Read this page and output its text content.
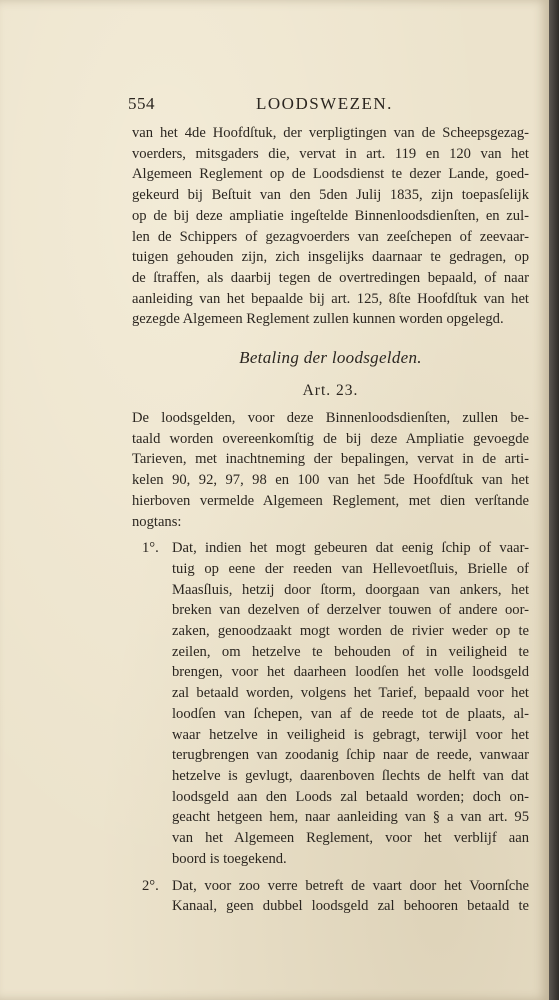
554	LOODSWEZEN.

van het 4de Hoofdſtuk, der verpligtingen van de Scheepsgezag-

voerders, mitsgaders die, vervat in art. 119 en 120 van het

Algemeen Reglement op de Loodsdienst te dezer Lande, goed-

gekeurd bij Beſtuit van den 5den Julij 1835, zijn toepasſelijk

op de bij deze ampliatie ingeſtelde Binnenloodsdienſten, en zul-

len de Schippers of gezagvoerders van zeeſchepen of zeevaar-

tuigen gehouden zijn, zich insgelijks daarnaar te gedragen, op

de ſtraffen, als daarbij tegen de overtredingen bepaald, of naar

aanleiding van het bepaalde bij art. 125, 8ſte Hoofdſtuk van het

gezegde Algemeen Reglement zullen kunnen worden opgelegd.

Betaling der loodsgelden.
Art. 23.

De loodsgelden, voor deze Binnenloodsdienſten, zullen be-

taald worden overeenkomſtig de bij deze Ampliatie gevoegde

Tarieven, met inachtneming der bepalingen, vervat in de arti-

kelen 90, 92, 97, 98 en 100 van het 5de Hoofdſtuk van het

hierboven vermelde Algemeen Reglement, met dien verſtande

nogtans:

1°. Dat, indien het mogt gebeuren dat eenig ſchip of vaar-

tuig op eene der reeden van Hellevoetſluis, Brielle of

Maasſluis, hetzij door ſtorm, doorgaan van ankers, het

breken van dezelven of derzelver touwen of andere oor-

zaken, genoodzaakt mogt worden de rivier weder op te

zeilen, om hetzelve te behouden of in veiligheid te

brengen, voor het daarheen loodſen het volle loodsgeld

zal betaald worden, volgens het Tarief, bepaald voor het

loodſen van ſchepen, van af de reede tot de plaats, al-

waar hetzelve in veiligheid is gebragt, terwijl voor het

terugbrengen van zoodanig ſchip naar de reede, vanwaar

hetzelve is gevlugt, daarenboven ſlechts de helft van dat

loodsgeld aan den Loods zal betaald worden; doch on-

geacht hetgeen hem, naar aanleiding van § a van art. 95

van het Algemeen Reglement, voor het verblijf aan

boord is toegekend.

2°. Dat, voor zoo verre betreft de vaart door het Voornſche

Kanaal, geen dubbel loodsgeld zal behooren betaald te
